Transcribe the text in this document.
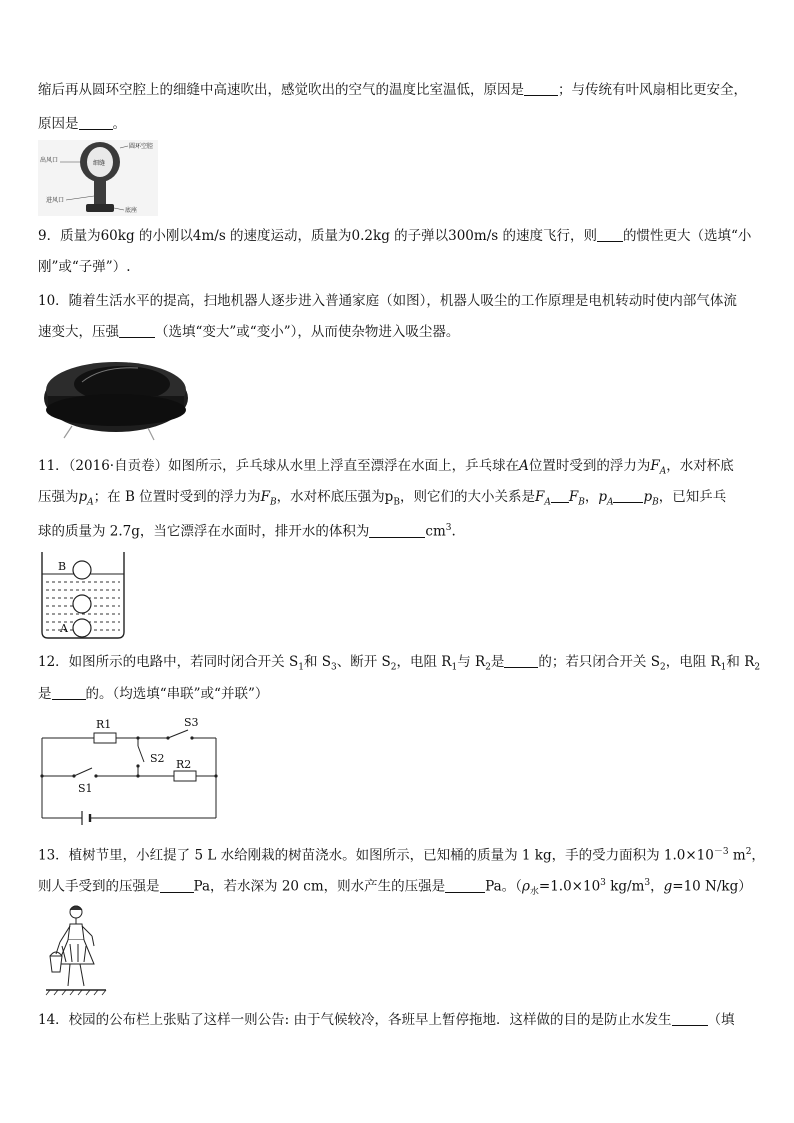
缩后再从圆环空腔上的细缝中高速吹出，感觉吹出的空气的温度比室温低，原因是	；与传统有叶风扇相比更安全，
原因是	。
圆环空腔
出风口	细缝
进风口
底座
9．质量为60kg 的小刚以4m/s 的速度运动，质量为0.2kg 的子弹以300m/s 的速度飞行，则 的惯性更大（选填“小
刚”或“子弹”）.
10．随着生活水平的提高，扫地机器人逐步进入普通家庭（如图），机器人吸尘的工作原理是电机转动时使内部气体流
速变大，压强	（选填“变大”或“变小”），从而使杂物进入吸尘器。
11．（2016·自贡卷）如图所示，乒乓球从水里上浮直至漂浮在水面上，乒乓球在A位置时受到的浮力为$F_A$，水对杯底
压强为$p_A$；在 B 位置时受到的浮力为$F_B$，水对杯底压强为$p_B$，则它们的大小关系是$F_A$ $F_B$，$p_A$ $p_B$，已知乒乓
球的质量为 2.7g，当它漂浮在水面时，排开水的体积为	$cm^3$.
B
A
12．如图所示的电路中，若同时闭合开关 $S_1$和 $S_3$、断开 $S_2$，电阻 $R_1$与 $R_2$是	的；若只闭合开关 $S_2$，电阻 $R_1$和 $R_2$
是	的。（均选填“串联”或“并联”）
R1	S3
S2 R2
S1
13．植树节里，小红提了 5 L 水给刚栽的树苗浇水。如图所示，已知桶的质量为 1 kg，手的受力面积为 $1.0\times 10^{-3}$ $m^2$，
则人手受到的压强是	Pa，若水深为 20 cm，则水产生的压强是	Pa。（$\rho_水=1.0\times 10^3$ $kg/m^3$，g=10 N/kg）
14．校园的公布栏上张贴了这样一则公告: 由于气候较冷，各班早上暂停拖地．这样做的目的是防止水发生	（填
